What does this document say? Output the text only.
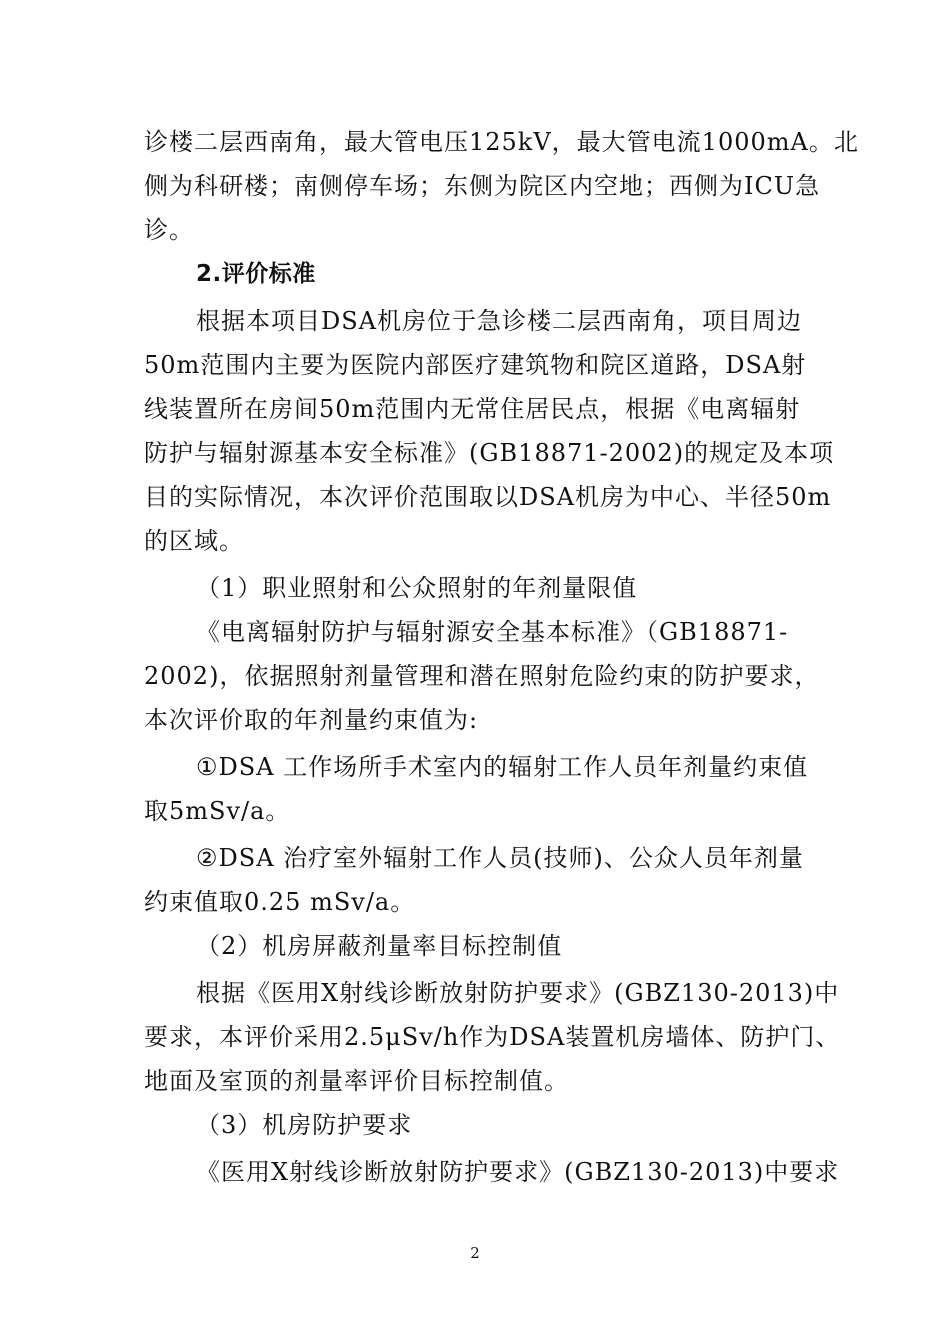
诊楼二层西南角，最大管电压125kV，最大管电流1000mA。北
侧为科研楼；南侧停车场；东侧为院区内空地；西侧为ICU急
诊。
2.评价标准
根据本项目DSA机房位于急诊楼二层西南角，项目周边
50m范围内主要为医院内部医疗建筑物和院区道路，DSA射
线装置所在房间50m范围内无常住居民点，根据《电离辐射
防护与辐射源基本安全标准》(GB18871-2002)的规定及本项
目的实际情况，本次评价范围取以DSA机房为中心、半径50m
的区域。
（1）职业照射和公众照射的年剂量限值
《电离辐射防护与辐射源安全基本标准》（GB18871-
2002)，依据照射剂量管理和潜在照射危险约束的防护要求，
本次评价取的年剂量约束值为:
①DSA 工作场所手术室内的辐射工作人员年剂量约束值
取5mSv/a。
②DSA 治疗室外辐射工作人员(技师)、公众人员年剂量
约束值取0.25 mSv/a。
（2）机房屏蔽剂量率目标控制值
根据《医用X射线诊断放射防护要求》(GBZ130-2013)中
要求，本评价采用2.5μSv/h作为DSA装置机房墙体、防护门、
地面及室顶的剂量率评价目标控制值。
（3）机房防护要求
《医用X射线诊断放射防护要求》(GBZ130-2013)中要求
2
